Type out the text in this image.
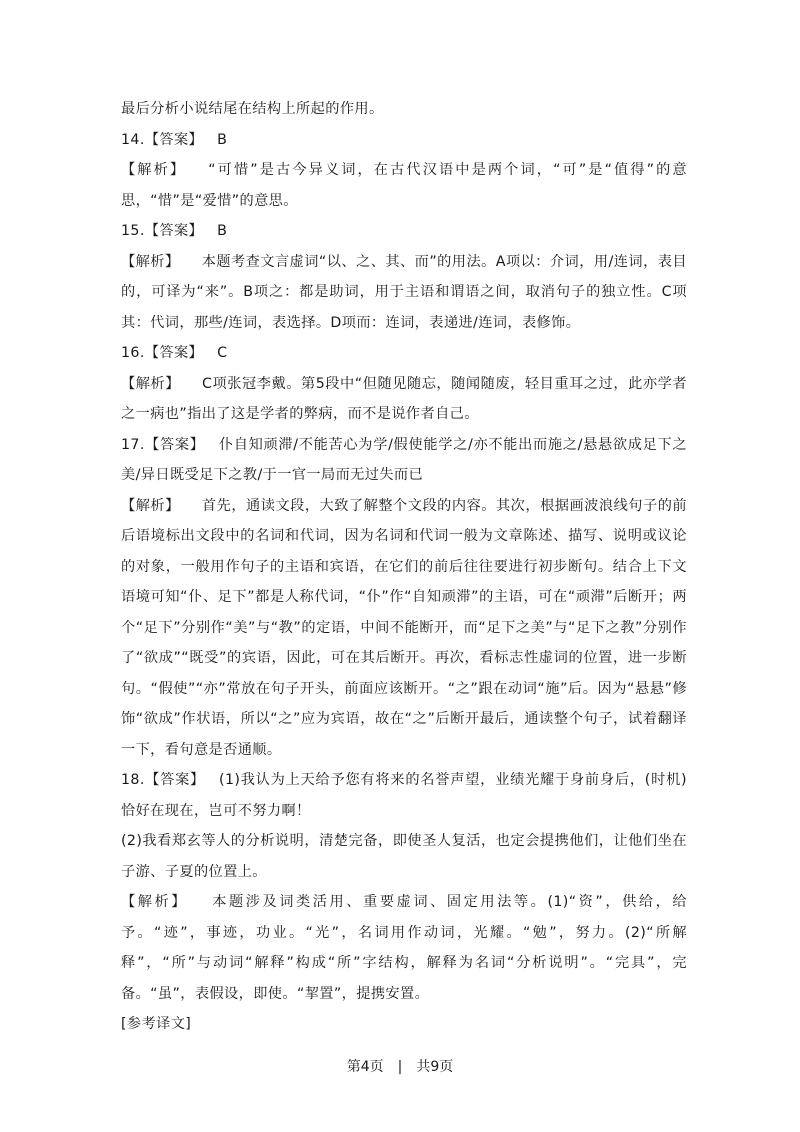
最后分析小说结尾在结构上所起的作用。

14.【答案】 B

【解析】 “可惜”是古今异义词，在古代汉语中是两个词，“可”是“值得”的意思，“惜”是“爱惜”的意思。

15.【答案】 B

【解析】 本题考查文言虚词“以、之、其、而”的用法。A项以：介词，用/连词，表目的，可译为“来”。B项之：都是助词，用于主语和谓语之间，取消句子的独立性。C项其：代词，那些/连词，表选择。D项而：连词，表递进/连词，表修饰。

16.【答案】 C

【解析】 C项张冠李戴。第5段中“但随见随忘，随闻随废，轻目重耳之过，此亦学者之一病也”指出了这是学者的弊病，而不是说作者自己。

17.【答案】 仆自知顽滞/不能苦心为学/假使能学之/亦不能出而施之/悬悬欲成足下之美/异日既受足下之教/于一官一局而无过失而已

【解析】 首先，通读文段，大致了解整个文段的内容。其次，根据画波浪线句子的前后语境标出文段中的名词和代词，因为名词和代词一般为文章陈述、描写、说明或议论的对象，一般用作句子的主语和宾语，在它们的前后往往要进行初步断句。结合上下文语境可知“仆、足下”都是人称代词，“仆”作“自知顽滞”的主语，可在“顽滞”后断开；两个“足下”分别作“美”与“教”的定语，中间不能断开，而“足下之美”与“足下之教”分别作了“欲成”“既受”的宾语，因此，可在其后断开。再次，看标志性虚词的位置，进一步断句。“假使”“亦”常放在句子开头，前面应该断开。“之”跟在动词“施”后。因为“悬悬”修饰“欲成”作状语，所以“之”应为宾语，故在“之”后断开最后，通读整个句子，试着翻译一下，看句意是否通顺。

18.【答案】 (1)我认为上天给予您有将来的名誉声望，业绩光耀于身前身后，(时机)恰好在现在，岂可不努力啊！

(2)我看郑玄等人的分析说明，清楚完备，即使圣人复活，也定会提携他们，让他们坐在子游、子夏的位置上。

【解析】 本题涉及词类活用、重要虚词、固定用法等。(1)“资”，供给，给予。“迹”，事迹，功业。“光”，名词用作动词，光耀。“勉”，努力。(2)“所解释”，“所”与动词“解释”构成“所”字结构，解释为名词“分析说明”。“完具”，完备。“虽”，表假设，即使。“挈置”，提携安置。

[参考译文]

第4页 | 共9页
